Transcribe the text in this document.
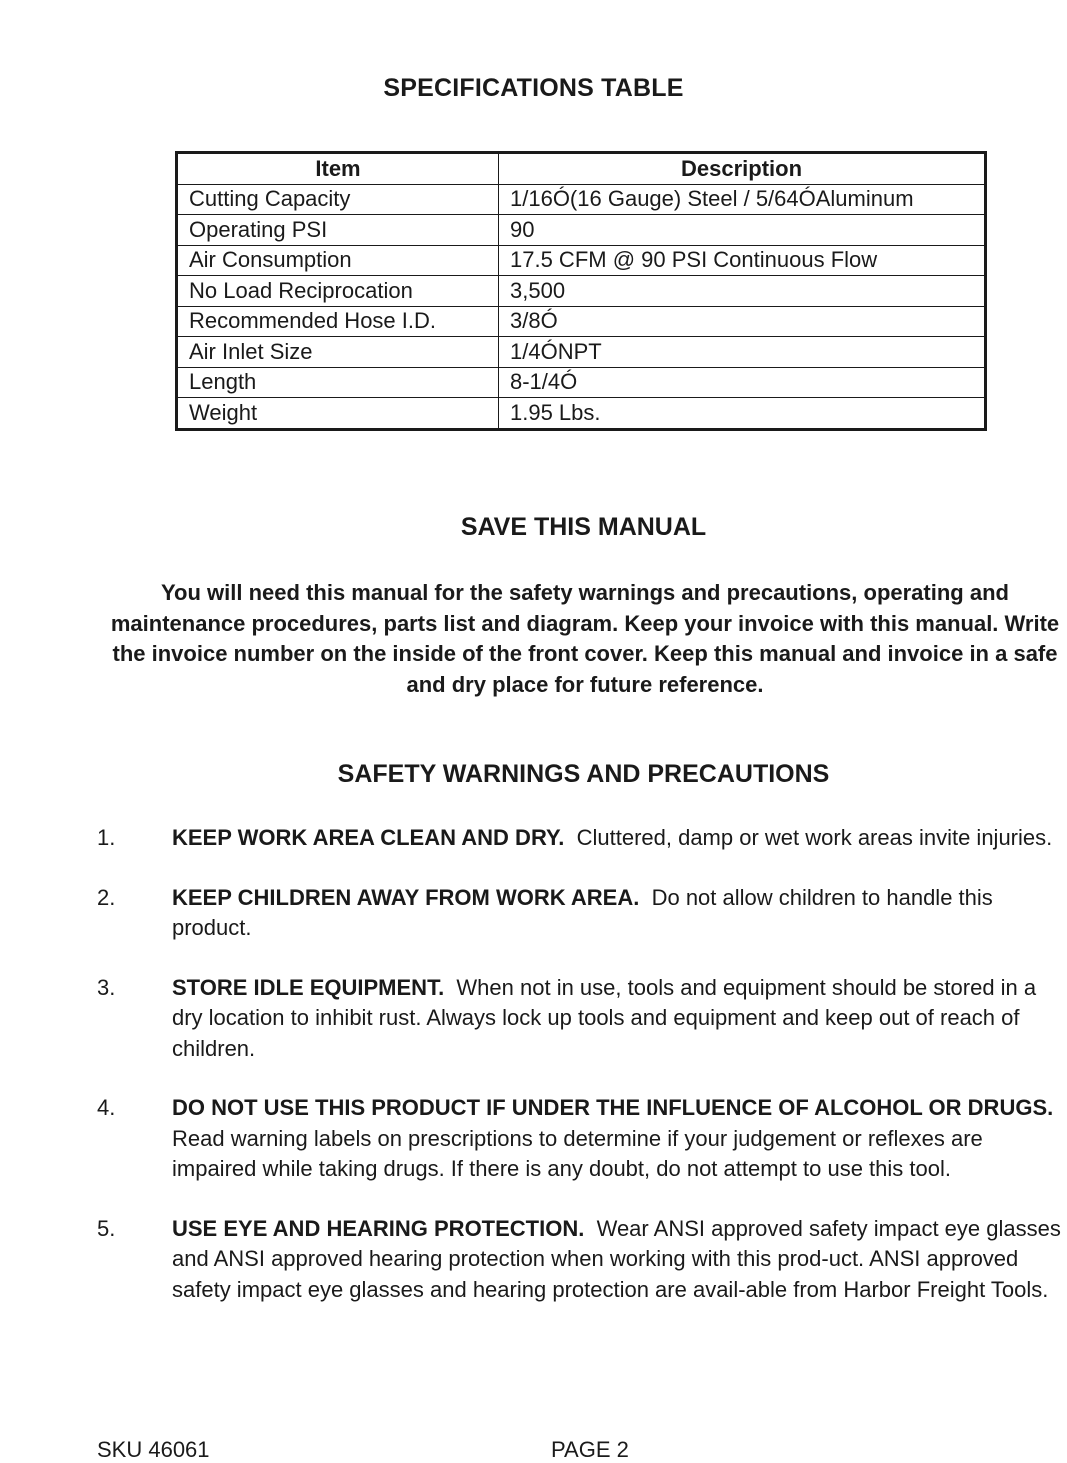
SPECIFICATIONS TABLE
Item	Description
Cutting Capacity	1/16Ó(16 Gauge) Steel / 5/64ÓAluminum
Operating PSI	90
Air Consumption	17.5 CFM @ 90 PSI Continuous Flow
No Load Reciprocation	3,500
Recommended Hose I.D.	3/8Ó
Air Inlet Size	1/4ÓNPT
Length	8-1/4Ó
Weight	1.95 Lbs.
SAVE THIS MANUAL
You will need this manual for the safety warnings and precautions, operating and maintenance procedures, parts list and diagram. Keep your invoice with this manual. Write the invoice number on the inside of the front cover. Keep this manual and invoice in a safe and dry place for future reference.
SAFETY WARNINGS AND PRECAUTIONS
1.	KEEP WORK AREA CLEAN AND DRY. Cluttered, damp or wet work areas invite injuries.
2.	KEEP CHILDREN AWAY FROM WORK AREA. Do not allow children to handle this product.
3.	STORE IDLE EQUIPMENT. When not in use, tools and equipment should be stored in a dry location to inhibit rust. Always lock up tools and equipment and keep out of reach of children.
4.	DO NOT USE THIS PRODUCT IF UNDER THE INFLUENCE OF ALCOHOL OR DRUGS.  Read warning labels on prescriptions to determine if your judgement or reflexes are impaired while taking drugs. If there is any doubt, do not attempt to use this tool.
5.	USE EYE AND HEARING PROTECTION. Wear ANSI approved safety impact eye glasses and ANSI approved hearing protection when working with this prod-uct. ANSI approved safety impact eye glasses and hearing protection are avail-able from Harbor Freight Tools.
SKU 46061	PAGE 2
